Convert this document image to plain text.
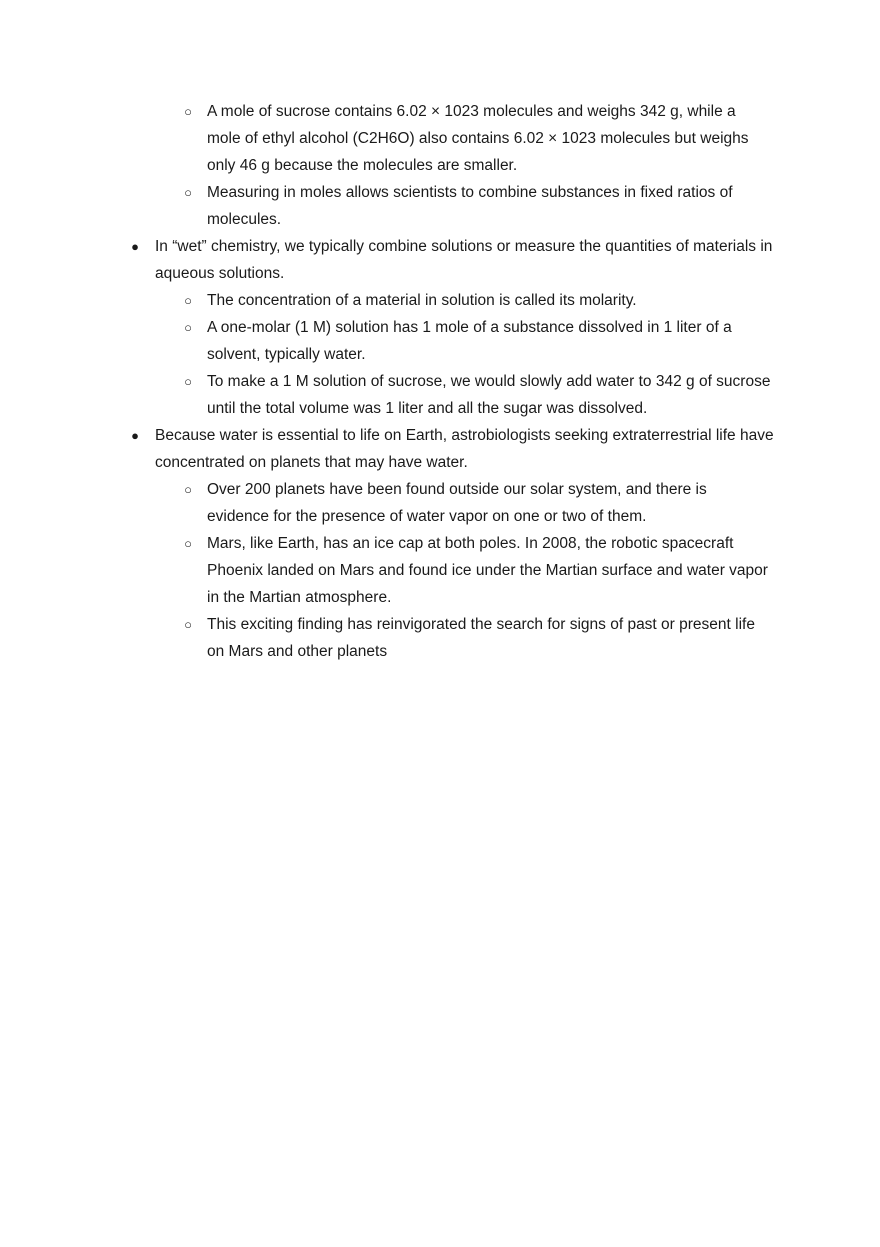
○ A mole of sucrose contains 6.02 × 1023 molecules and weighs 342 g, while a mole of ethyl alcohol (C2H6O) also contains 6.02 × 1023 molecules but weighs only 46 g because the molecules are smaller.
○ Measuring in moles allows scientists to combine substances in fixed ratios of molecules.
● In “wet” chemistry, we typically combine solutions or measure the quantities of materials in aqueous solutions.
○ The concentration of a material in solution is called its molarity.
○ A one-molar (1 M) solution has 1 mole of a substance dissolved in 1 liter of a solvent, typically water.
○ To make a 1 M solution of sucrose, we would slowly add water to 342 g of sucrose until the total volume was 1 liter and all the sugar was dissolved.
● Because water is essential to life on Earth, astrobiologists seeking extraterrestrial life have concentrated on planets that may have water.
○ Over 200 planets have been found outside our solar system, and there is evidence for the presence of water vapor on one or two of them.
○ Mars, like Earth, has an ice cap at both poles. In 2008, the robotic spacecraft Phoenix landed on Mars and found ice under the Martian surface and water vapor in the Martian atmosphere.
○ This exciting finding has reinvigorated the search for signs of past or present life on Mars and other planets
